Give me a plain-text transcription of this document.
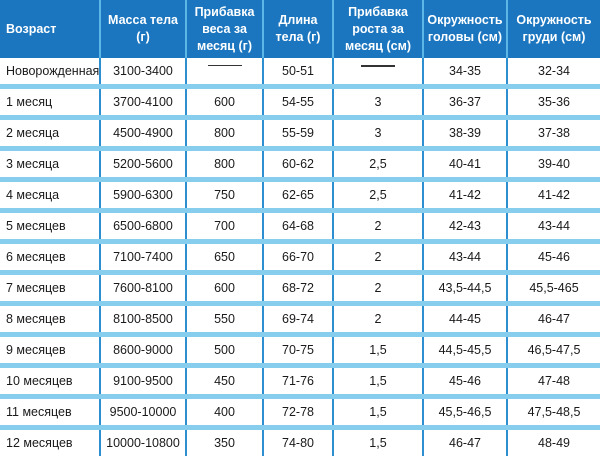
Возраст	Масса тела (г)	Прибавка веса за месяц (г)	Длина тела (г)	Прибавка роста за месяц (см)	Окружность головы (см)	Окружность груди (см)
Новорожденная	3100-3400		50-51		34-35	32-34
1 месяц	3700-4100	600	54-55	3	36-37	35-36
2 месяца	4500-4900	800	55-59	3	38-39	37-38
3 месяца	5200-5600	800	60-62	2,5	40-41	39-40
4 месяца	5900-6300	750	62-65	2,5	41-42	41-42
5 месяцев	6500-6800	700	64-68	2	42-43	43-44
6 месяцев	7100-7400	650	66-70	2	43-44	45-46
7 месяцев	7600-8100	600	68-72	2	43,5-44,5	45,5-465
8 месяцев	8100-8500	550	69-74	2	44-45	46-47
9 месяцев	8600-9000	500	70-75	1,5	44,5-45,5	46,5-47,5
10 месяцев	9100-9500	450	71-76	1,5	45-46	47-48
11 месяцев	9500-10000	400	72-78	1,5	45,5-46,5	47,5-48,5
12 месяцев	10000-10800	350	74-80	1,5	46-47	48-49
